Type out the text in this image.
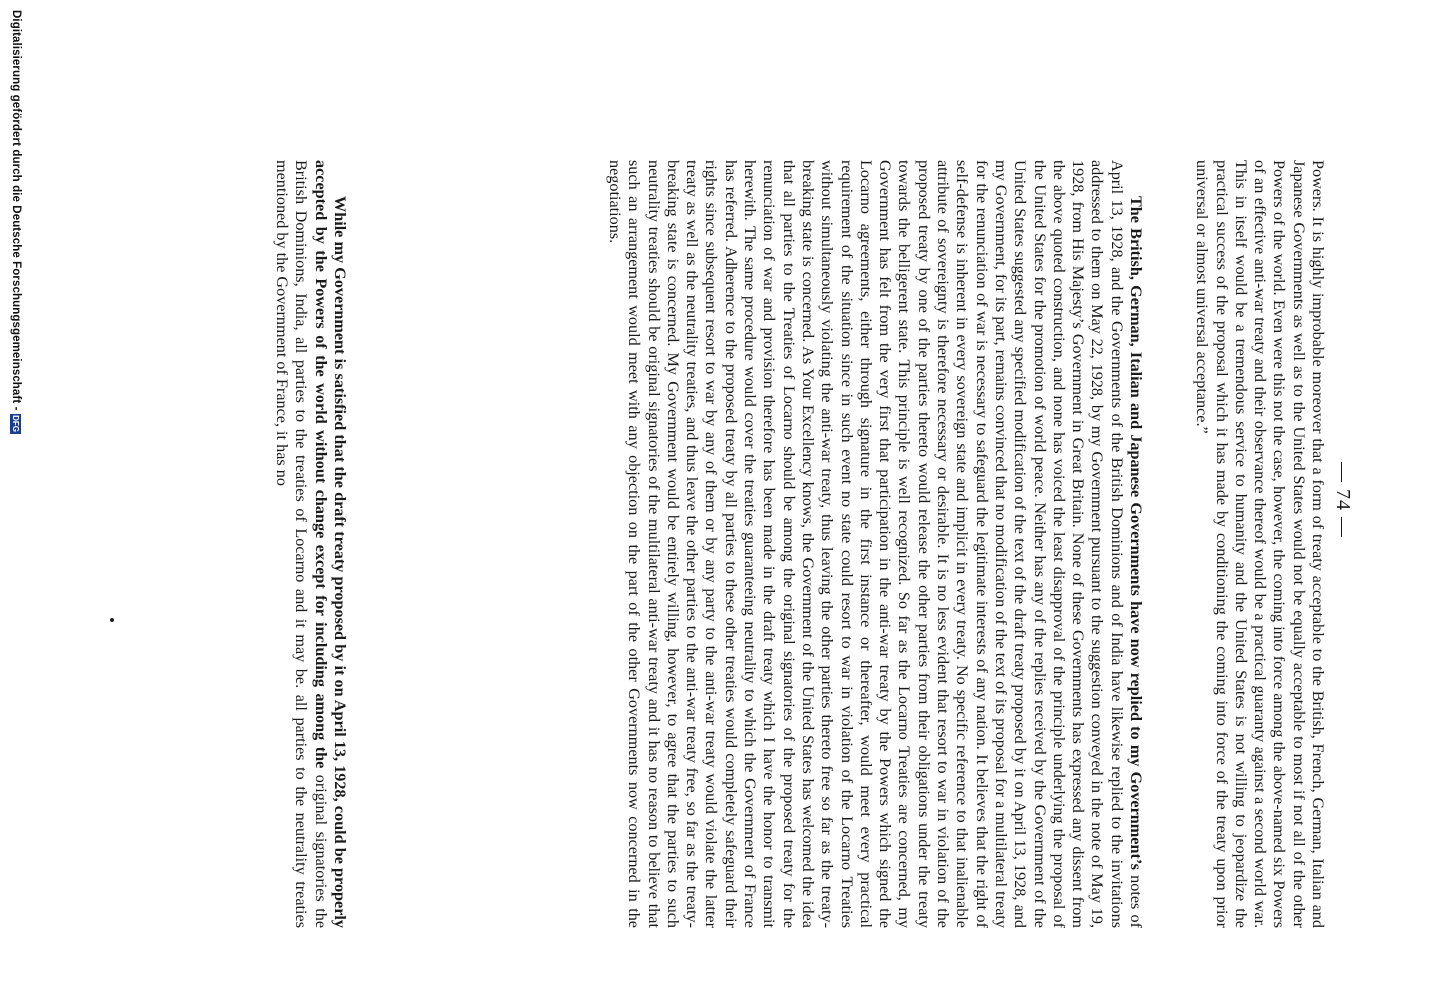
— 74 —
Powers. It is highly improbable moreover that a form of treaty acceptable to the British, French, German, Italian and Japanese Governments as well as to the United States would not be equally acceptable to most if not all of the other Powers of the world. Even were this not the case, however, the coming into force among the above-named six Powers of an effective anti-war treaty and their observance thereof would be a practical guaranty against a second world war. This in itself would be a tremendous service to humanity and the United States is not willing to jeopardize the practical success of the proposal which it has made by conditioning the coming into force of the treaty upon prior universal or almost universal acceptance.”
The British, German, Italian and Japanese Governments have now replied to my Government’s notes of April 13, 1928, and the Governments of the British Dominions and of India have likewise replied to the invitations addressed to them on May 22, 1928, by my Government pursuant to the suggestion conveyed in the note of May 19, 1928, from His Majesty’s Government in Great Britain. None of these Governments has expressed any dissent from the above quoted construction, and none has voiced the least disapproval of the principle underlying the proposal of the United States for the promotion of world peace. Neither has any of the replies received by the Government of the United States suggested any specified modification of the text of the draft treaty proposed by it on April 13, 1928, and my Government, for its part, remains convinced that no modification of the text of its proposal for a multilateral treaty for the renunciation of war is necessary to safeguard the legitimate interests of any nation. It believes that the right of self-defense is inherent in every sovereign state and implicit in every treaty. No specific reference to that inalienable attribute of sovereignty is therefore necessary or desirable. It is no less evident that resort to war in violation of the proposed treaty by one of the parties thereto would release the other parties from their obligations under the treaty towards the belligerent state. This principle is well recognized. So far as the Locarno Treaties are concerned, my Government has felt from the very first that participation in the anti-war treaty by the Powers which signed the Locarno agreements, either through signature in the first instance or thereafter, would meet every practical requirement of the situation since in such event no state could resort to war in violation of the Locarno Treaties without simultaneously violating the anti-war treaty, thus leaving the other parties thereto free so far as the treaty-breaking state is concerned. As Your Excellency knows, the Government of the United States has welcomed the idea that all parties to the Treaties of Locarno should be among the original signatories of the proposed treaty for the renunciation of war and provision therefore has been made in the draft treaty which I have the honor to transmit herewith. The same procedure would cover the treaties guaranteeing neutrality to which the Government of France has referred. Adherence to the proposed treaty by all parties to these other treaties would completely safeguard their rights since subsequent resort to war by any of them or by any party to the anti-war treaty would violate the latter treaty as well as the neutrality treaties, and thus leave the other parties to the anti-war treaty free, so far as the treaty-breaking state is concerned. My Government would be entirely willing, however, to agree that the parties to such neutrality treaties should be original signatories of the multilateral anti-war treaty and it has no reason to believe that such an arrangement would meet with any objection on the part of the other Governments now concerned in the negotiations.
While my Government is satisfied that the draft treaty proposed by it on April 13, 1928, could be properly accepted by the Powers of the world without change except for including among the original signatories the British Dominions, India, all parties to the treaties of Locarno and it may be. all parties to the neutrality treaties mentioned by the Government of France, it has no
Digitalisierung gefördert durch die Deutsche Forschungsgemeinschaft -
DFG
